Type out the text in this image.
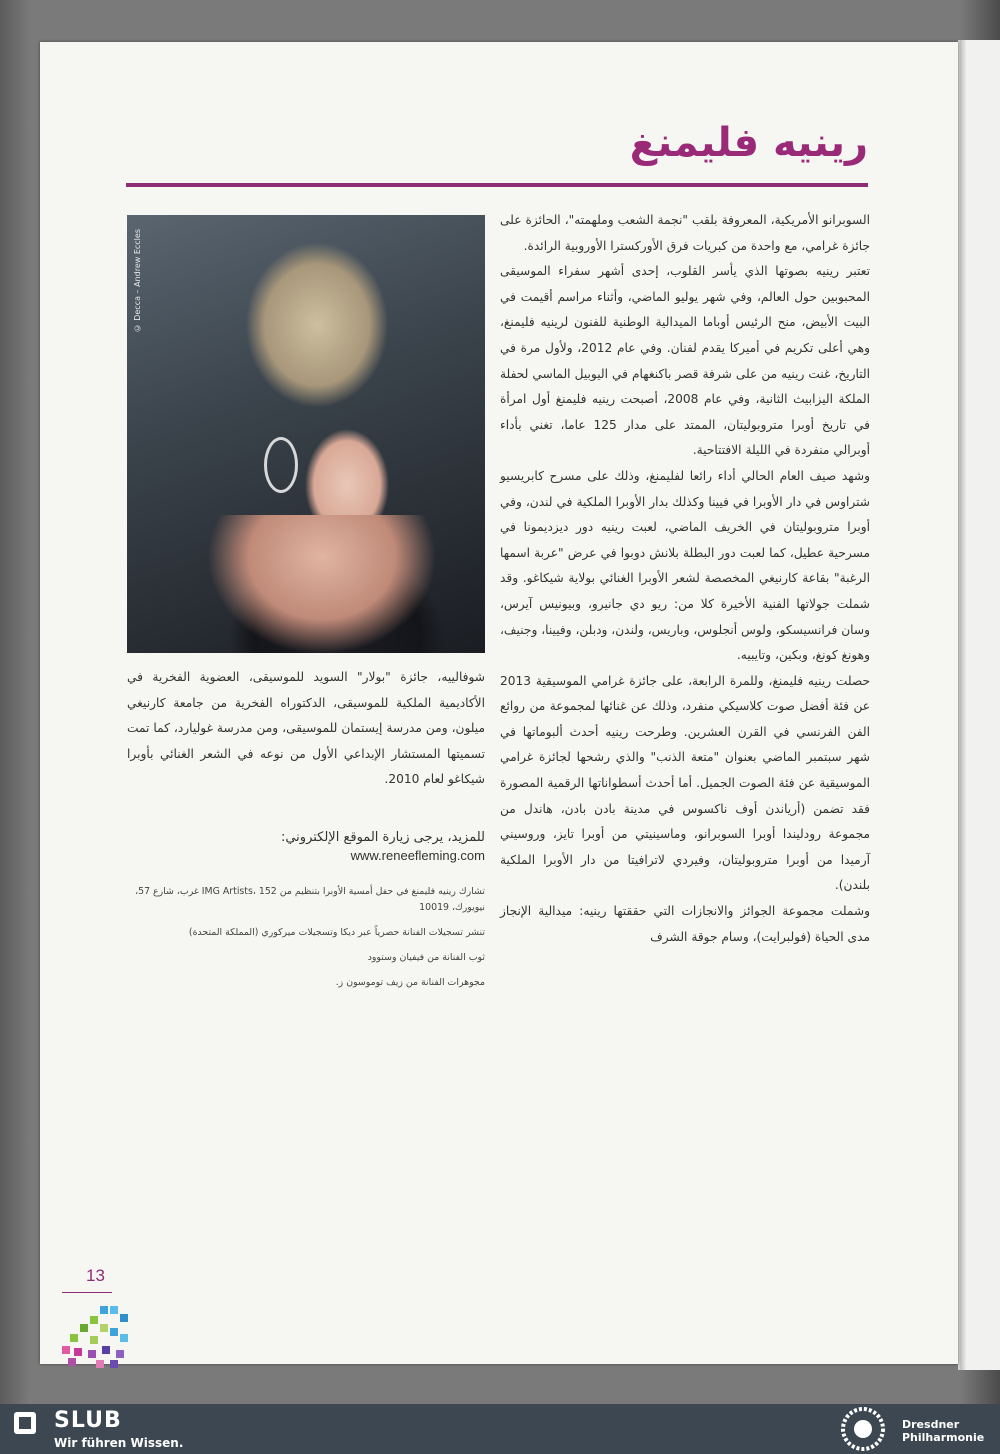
رينيه فليمنغ

السوبرانو الأمريكية، المعروفة بلقب "نجمة الشعب وملهمته"، الحائزة على جائزة غرامي، مع واحدة من كبريات فرق الأوركسترا الأوروبية الرائدة.

تعتبر رينيه بصوتها الذي يأسر القلوب، إحدى أشهر سفراء الموسيقى المحبوبين حول العالم، وفي شهر يوليو الماضي، وأثناء مراسم أقيمت في البيت الأبيض، منح الرئيس أوباما الميدالية الوطنية للفنون لرينيه فليمنغ، وهي أعلى تكريم في أميركا يقدم لفنان. وفي عام 2012، ولأول مرة في التاريخ، غنت رينيه من على شرفة قصر باكنغهام في اليوبيل الماسي لحفلة الملكة اليزابيث الثانية، وفي عام 2008، أصبحت رينيه فليمنغ أول امرأة في تاريخ أوبرا متروبوليتان، الممتد على مدار 125 عاما، تغني بأداء أوبرالي منفردة في الليلة الافتتاحية.

وشهد صيف العام الحالي أداء رائعا لفليمنغ، وذلك على مسرح كابريسيو شتراوس في دار الأوبرا في فيينا وكذلك بدار الأوبرا الملكية في لندن، وفي أوبرا متروبوليتان في الخريف الماضي، لعبت رينيه دور ديزديمونا في مسرحية عطيل، كما لعبت دور البطلة بلانش دوبوا في عرض "عربة اسمها الرغبة" بقاعة كارنيغي المخصصة لشعر الأوبرا الغنائي بولاية شيكاغو. وقد شملت جولاتها الفنية الأخيرة كلا من: ريو دي جانيرو، وبيونيس آيرس، وسان فرانسيسكو، ولوس أنجلوس، وباريس، ولندن، ودبلن، وفيينا، وجنيف، وهونغ كونغ، وبكين، وتايبيه.

حصلت رينيه فليمنغ، وللمرة الرابعة، على جائزة غرامي الموسيقية 2013 عن فئة أفضل صوت كلاسيكي منفرد، وذلك عن غنائها لمجموعة من روائع الفن الفرنسي في القرن العشرين. وطرحت رينيه أحدث ألبوماتها في شهر سبتمبر الماضي بعنوان "متعة الذنب" والذي رشحها لجائزة غرامي الموسيقية عن فئة الصوت الجميل. أما أحدث أسطواناتها الرقمية المصورة فقد تضمن (أرياندن أوف ناكسوس في مدينة بادن بادن، هاندل من مجموعة رودليندا أوبرا السوبرانو، وماسينيتي من أوبرا تايز، وروسيني آرميدا من أوبرا متروبوليتان، وفيردي لاترافيتا من دار الأوبرا الملكية بلندن).

وشملت مجموعة الجوائز والانجازات التي حققتها رينيه: ميدالية الإنجاز مدى الحياة (فولبرايت)، وسام جوقة الشرف

© Decca – Andrew Eccles
شوفالييه، جائزة "بولار" السويد للموسيقى، العضوية الفخرية في الأكاديمية الملكية للموسيقى، الدكتوراه الفخرية من جامعة كارنيغي ميلون، ومن مدرسة إيستمان للموسيقى، ومن مدرسة غوليارد، كما تمت تسميتها المستشار الإبداعي الأول من نوعه في الشعر الغنائي بأوبرا شيكاغو لعام 2010.
للمزيد، يرجى زيارة الموقع الإلكتروني:
www.reneefleming.com

تشارك رينيه فليمنغ في حفل أمسية الأوبرا بتنظيم من IMG Artists، 152 غرب، شارع 57، نيويورك، 10019

تنشر تسجيلات الفنانة حصرياً عبر ديكا وتسجيلات ميركوري (المملكة المتحدة)

ثوب الفنانة من فيفيان وستوود

مجوهرات الفنانة من زيف توموسون ز.

13
SLUB
Wir führen Wissen.
Dresdner
Philharmonie
